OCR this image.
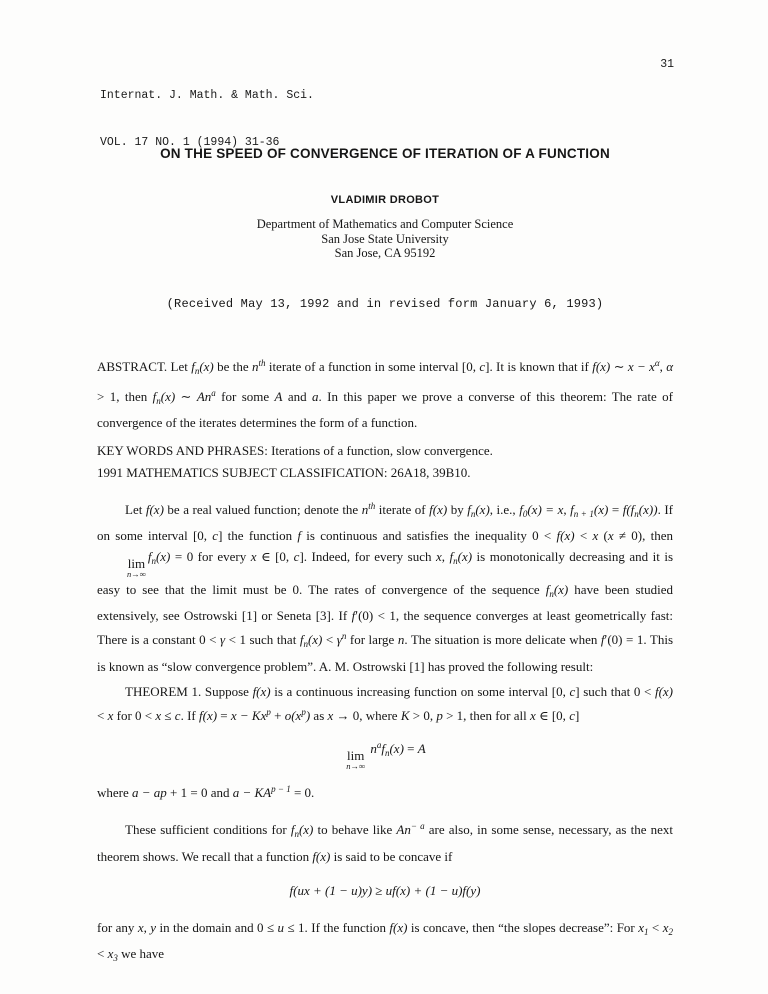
Internat. J. Math. & Math. Sci.

VOL. 17 NO. 1 (1994) 31-36

31
ON THE SPEED OF CONVERGENCE OF ITERATION OF A FUNCTION
VLADIMIR DROBOT
Department of Mathematics and Computer Science
San Jose State University
San Jose, CA 95192
(Received May 13, 1992 and in revised form January 6, 1993)

ABSTRACT. Let $f_n(x)$ be the $n^{th}$ iterate of a function in some interval [0, c]. It is known that if f(x) ∼ $x - x^\alpha$, α > 1, then $f_n(x)$ ∼ An$^a$ for some A and a. In this paper we prove a converse of this theorem: The rate of convergence of the iterates determines the form of a function.

KEY WORDS AND PHRASES: Iterations of a function, slow convergence.
1991 MATHEMATICS SUBJECT CLASSIFICATION: 26A18, 39B10.

Let f(x) be a real valued function; denote the $n^{th}$ iterate of f(x) by $f_n(x)$, i.e., $f_0(x) = x$, $f_{n + 1}(x) = f(f_n(x))$. If on some interval [0, c] the function f is continuous and satisfies the inequality 0 < f(x) < x (x ≠ 0), then
lim
n→∞
$f_n(x) = 0$ for every x ∈ [0, c]. Indeed, for every such x, $f_n(x)$ is monotonically decreasing and it is easy to see that the limit must be 0. The rates of convergence of the sequence $f_n(x)$ have been studied extensively, see Ostrowski [1] or Seneta [3]. If f′(0) < 1, the sequence converges at least geometrically fast: There is a constant 0 < γ < 1 such that $f_n(x) < \gamma^n$ for large n. The situation is more delicate when f′(0) = 1. This is known as “slow convergence problem”. A. M. Ostrowski [1] has proved the following result:

THEOREM 1. Suppose f(x) is a continuous increasing function on some interval [0, c] such that 0 < f(x) < x for 0 < x ≤ c. If $f(x) = x - Kx^p + o(x^p)$ as x → 0, where K > 0, p > 1, then for all x ∈ [0, c]

lim
n→∞
$n^af_n(x) = A$

where a − ap + 1 = 0 and $a - KA^{p - 1} = 0$.

These sufficient conditions for $f_n(x)$ to behave like $An^{- a}$ are also, in some sense, necessary, as the next theorem shows. We recall that a function f(x) is said to be concave if

f(ux + (1 − u)y) ≥ uf(x) + (1 − u)f(y)

for any x, y in the domain and 0 ≤ u ≤ 1. If the function f(x) is concave, then “the slopes decrease”: For $x_1 < x_2 < x_3$ we have
